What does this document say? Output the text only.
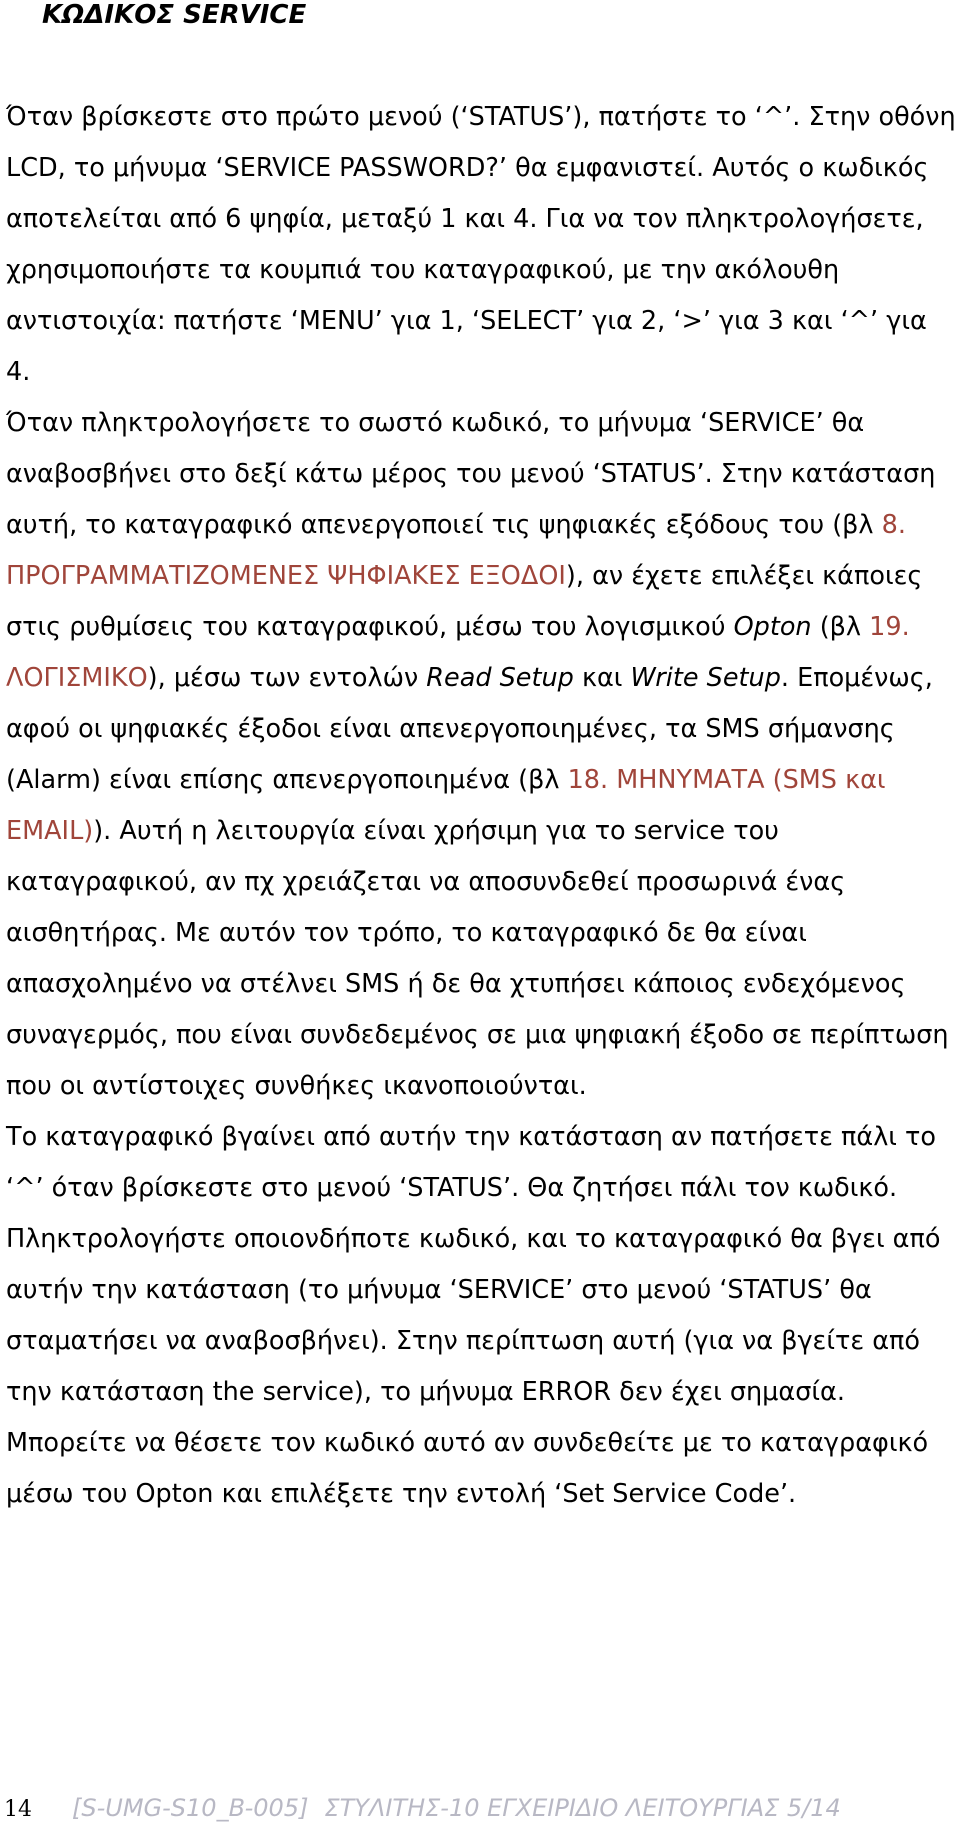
ΚΩΔΙΚΟΣ SERVICE

Όταν βρίσκεστε στο πρώτο μενού (‘STATUS’), πατήστε το ‘^’. Στην οθόνη LCD, το μήνυμα ‘SERVICE PASSWORD?’ θα εμφανιστεί. Αυτός ο κωδικός αποτελείται από 6 ψηφία, μεταξύ 1 και 4. Για να τον πληκτρολογήσετε, χρησιμοποιήστε τα κουμπιά του καταγραφικού, με την ακόλουθη αντιστοιχία: πατήστε ‘MENU’ για 1, ‘SELECT’ για 2, ‘>’ για 3 και ‘^’ για 4.

Όταν πληκτρολογήσετε το σωστό κωδικό, το μήνυμα ‘SERVICE’ θα αναβοσβήνει στο δεξί κάτω μέρος του μενού ‘STATUS’. Στην κατάσταση αυτή, το καταγραφικό απενεργοποιεί τις ψηφιακές εξόδους του (βλ 8. ΠΡΟΓΡΑΜΜΑΤΙΖΟΜΕΝΕΣ ΨΗΦΙΑΚΕΣ ΕΞΟΔΟΙ), αν έχετε επιλέξει κάποιες στις ρυθμίσεις του καταγραφικού, μέσω του λογισμικού Opton (βλ 19. ΛΟΓΙΣΜΙΚΟ), μέσω των εντολών Read Setup και Write Setup. Επομένως, αφού οι ψηφιακές έξοδοι είναι απενεργοποιημένες, τα SMS σήμανσης (Alarm) είναι επίσης απενεργοποιημένα (βλ 18. ΜΗΝΥΜΑΤΑ (SMS και EMAIL)). Αυτή η λειτουργία είναι χρήσιμη για το service του καταγραφικού, αν πχ χρειάζεται να αποσυνδεθεί προσωρινά ένας αισθητήρας. Με αυτόν τον τρόπο, το καταγραφικό δε θα είναι απασχολημένο να στέλνει SMS ή δε θα χτυπήσει κάποιος ενδεχόμενος συναγερμός, που είναι συνδεδεμένος σε μια ψηφιακή έξοδο σε περίπτωση που οι αντίστοιχες συνθήκες ικανοποιούνται.

Το καταγραφικό βγαίνει από αυτήν την κατάσταση αν πατήσετε πάλι το ‘^’ όταν βρίσκεστε στο μενού ‘STATUS’. Θα ζητήσει πάλι τον κωδικό. Πληκτρολογήστε οποιονδήποτε κωδικό, και το καταγραφικό θα βγει από αυτήν την κατάσταση (το μήνυμα ‘SERVICE’ στο μενού ‘STATUS’ θα σταματήσει να αναβοσβήνει). Στην περίπτωση αυτή (για να βγείτε από την κατάσταση the service), το μήνυμα ERROR δεν έχει σημασία.

Μπορείτε να θέσετε τον κωδικό αυτό αν συνδεθείτε με το καταγραφικό μέσω του Opton και επιλέξετε την εντολή ‘Set Service Code’.

14 [S-UMG-S10_B-005] ΣΤΥΛΙΤΗΣ-10 ΕΓΧΕΙΡΙΔΙΟ ΛΕΙΤΟΥΡΓΙΑΣ 5/14
